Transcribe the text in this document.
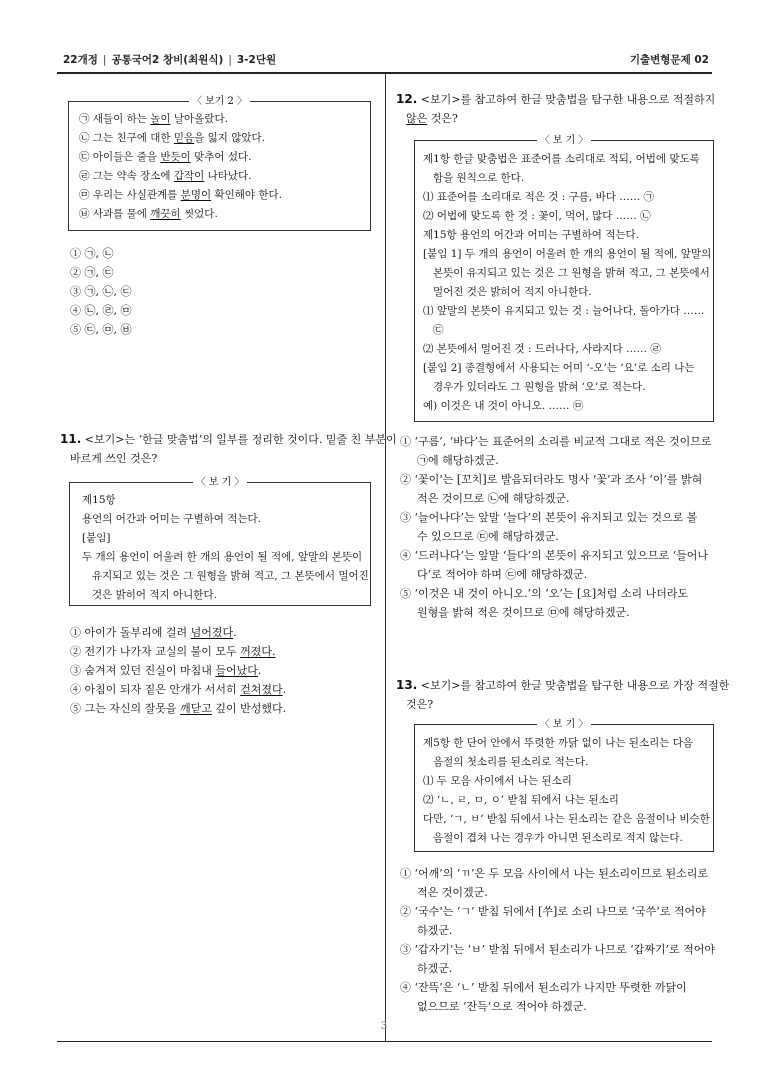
22개정 | 공통국어2 창비(최원식) | 3-2단원	기출변형문제 02
3
〈 보기 2 〉
㉠ 새들이 하는 놀이 날아올랐다.
㉡ 그는 친구에 대한 믿음을 잃지 않았다.
㉢ 아이들은 줄을 반듯이 맞추어 섰다.
㉣ 그는 약속 장소에 갑작이 나타났다.
㉤ 우리는 사실관계를 분명이 확인해야 한다.
㉥ 사과를 물에 깨끗히 씻었다.
① ㉠, ㉡
② ㉠, ㉢
③ ㉠, ㉡, ㉢
④ ㉡, ㉣, ㉤
⑤ ㉢, ㉤, ㉥
11. <보기>는 ‘한글 맞춤법’의 일부를 정리한 것이다. 밑줄 친 부분이
바르게 쓰인 것은?
〈 보 기 〉
제15항
용언의 어간과 어미는 구별하여 적는다.
[붙임]
두 개의 용언이 어울려 한 개의 용언이 될 적에, 앞말의 본뜻이
유지되고 있는 것은 그 원형을 밝혀 적고, 그 본뜻에서 멀어진
것은 밝히어 적지 아니한다.
① 아이가 돌부리에 걸려 넘어졌다.
② 전기가 나가자 교실의 불이 모두 꺼졌다.
③ 숨겨져 있던 진실이 마침내 들어났다.
④ 아침이 되자 짙은 안개가 서서히 걷쳐졌다.
⑤ 그는 자신의 잘못을 깨닫고 깊이 반성했다.
12. <보기>를 참고하여 한글 맞춤법을 탐구한 내용으로 적절하지
않은 것은?
〈 보 기 〉
제1항 한글 맞춤법은 표준어를 소리대로 적되, 어법에 맞도록
함을 원칙으로 한다.
⑴ 표준어를 소리대로 적은 것 : 구름, 바다 …… ㉠
⑵ 어법에 맞도록 한 것 : 꽃이, 먹어, 많다 …… ㉡
제15항 용언의 어간과 어미는 구별하여 적는다.
[붙임 1] 두 개의 용언이 어울려 한 개의 용언이 될 적에, 앞말의
본뜻이 유지되고 있는 것은 그 원형을 밝혀 적고, 그 본뜻에서
멀어진 것은 밝히어 적지 아니한다.
⑴ 앞말의 본뜻이 유지되고 있는 것 : 늘어나다, 돌아가다 ……
㉢
⑵ 본뜻에서 멀어진 것 : 드러나다, 사라지다 …… ㉣
[붙임 2] 종결형에서 사용되는 어미 ‘-오’는 ‘요’로 소리 나는
경우가 있더라도 그 원형을 밝혀 ‘오’로 적는다.
예) 이것은 내 것이 아니오. …… ㉤
① ‘구름’, ‘바다’는 표준어의 소리를 비교적 그대로 적은 것이므로
㉠에 해당하겠군.
② ‘꽃이’는 [꼬치]로 발음되더라도 명사 ‘꽃’과 조사 ‘이’를 밝혀
적은 것이므로 ㉡에 해당하겠군.
③ ‘늘어나다’는 앞말 ‘늘다’의 본뜻이 유지되고 있는 것으로 볼
수 있으므로 ㉢에 해당하겠군.
④ ‘드러나다’는 앞말 ‘들다’의 본뜻이 유지되고 있으므로 ‘들어나
다’로 적어야 하며 ㉢에 해당하겠군.
⑤ ‘이것은 내 것이 아니오.’의 ‘오’는 [요]처럼 소리 나더라도
원형을 밝혀 적은 것이므로 ㉤에 해당하겠군.
13. <보기>를 참고하여 한글 맞춤법을 탐구한 내용으로 가장 적절한
것은?
〈 보 기 〉
제5항 한 단어 안에서 뚜렷한 까닭 없이 나는 된소리는 다음
음절의 첫소리를 된소리로 적는다.
⑴ 두 모음 사이에서 나는 된소리
⑵ ‘ㄴ, ㄹ, ㅁ, ㅇ’ 받침 뒤에서 나는 된소리
다만, ‘ㄱ, ㅂ’ 받침 뒤에서 나는 된소리는 같은 음절이나 비슷한
음절이 겹쳐 나는 경우가 아니면 된소리로 적지 않는다.
① ‘어깨’의 ‘ㄲ’은 두 모음 사이에서 나는 된소리이므로 된소리로
적은 것이겠군.
② ‘국수’는 ‘ㄱ’ 받침 뒤에서 [쑤]로 소리 나므로 ‘국쑤’로 적어야
하겠군.
③ ‘갑자기’는 ‘ㅂ’ 받침 뒤에서 된소리가 나므로 ‘갑짜기’로 적어야
하겠군.
④ ‘잔뜩’은 ‘ㄴ’ 받침 뒤에서 된소리가 나지만 뚜렷한 까닭이
없으므로 ‘잔득’으로 적어야 하겠군.
